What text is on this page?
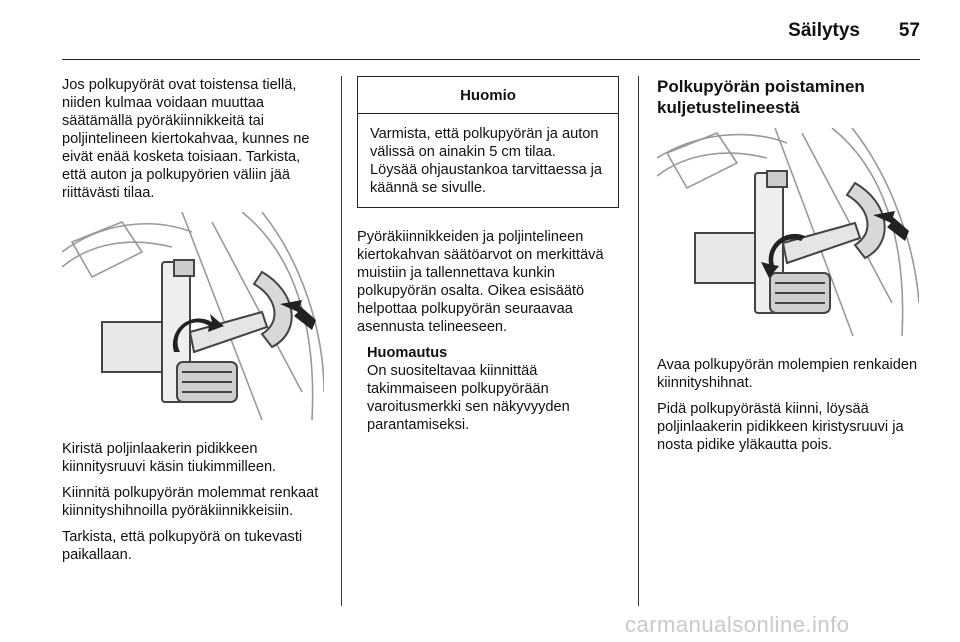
Säilytys	57

Jos polkupyörät ovat toistensa tiellä, niiden kulmaa voidaan muuttaa säätämällä pyöräkiinnikkeitä tai poljintelineen kiertokahvaa, kunnes ne eivät enää kosketa toisiaan. Tarkista, että auton ja polkupyörien väliin jää riittävästi tilaa.

Kiristä poljinlaakerin pidikkeen kiinnitysruuvi käsin tiukimmilleen.

Kiinnitä polkupyörän molemmat renkaat kiinnityshihnoilla pyöräkiinnikkeisiin.

Tarkista, että polkupyörä on tukevasti paikallaan.

Huomio
Varmista, että polkupyörän ja auton välissä on ainakin 5 cm tilaa. Löysää ohjaustankoa tarvittaessa ja käännä se sivulle.

Pyöräkiinnikkeiden ja poljintelineen kiertokahvan säätöarvot on merkittävä muistiin ja tallennettava kunkin polkupyörän osalta. Oikea esisäätö helpottaa polkupyörän seuraavaa asennusta telineeseen.

Huomautus
On suositeltavaa kiinnittää takimmaiseen polkupyörään varoitusmerkki sen näkyvyyden parantamiseksi.
Polkupyörän poistaminen kuljetustelineestä

Avaa polkupyörän molempien renkaiden kiinnityshihnat.

Pidä polkupyörästä kiinni, löysää poljinlaakerin pidikkeen kiristysruuvi ja nosta pidike yläkautta pois.

carmanualsonline.info
